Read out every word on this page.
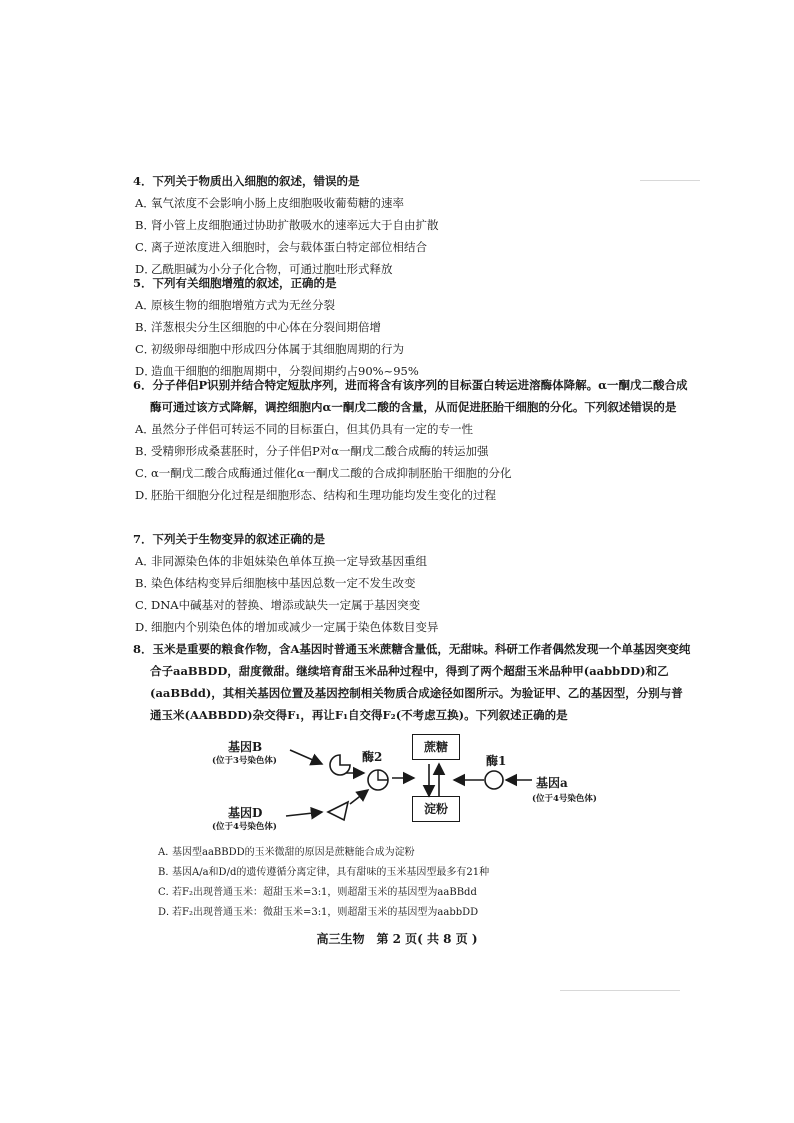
4．下列关于物质出入细胞的叙述，错误的是
A．氧气浓度不会影响小肠上皮细胞吸收葡萄糖的速率
B．肾小管上皮细胞通过协助扩散吸水的速率远大于自由扩散
C．离子逆浓度进入细胞时，会与载体蛋白特定部位相结合
D．乙酰胆碱为小分子化合物，可通过胞吐形式释放
5．下列有关细胞增殖的叙述，正确的是
A．原核生物的细胞增殖方式为无丝分裂
B．洋葱根尖分生区细胞的中心体在分裂间期倍增
C．初级卵母细胞中形成四分体属于其细胞周期的行为
D．造血干细胞的细胞周期中，分裂间期约占90%~95%
6．分子伴侣P识别并结合特定短肽序列，进而将含有该序列的目标蛋白转运进溶酶体降解。α一酮戊二酸合成酶可通过该方式降解，调控细胞内α一酮戊二酸的含量，从而促进胚胎干细胞的分化。下列叙述错误的是
A．虽然分子伴侣可转运不同的目标蛋白，但其仍具有一定的专一性
B．受精卵形成桑葚胚时，分子伴侣P对α一酮戊二酸合成酶的转运加强
C．α一酮戊二酸合成酶通过催化α一酮戊二酸的合成抑制胚胎干细胞的分化
D．胚胎干细胞分化过程是细胞形态、结构和生理功能均发生变化的过程
7．下列关于生物变异的叙述正确的是
A．非同源染色体的非姐妹染色单体互换一定导致基因重组
B．染色体结构变异后细胞核中基因总数一定不发生改变
C．DNA中碱基对的替换、增添或缺失一定属于基因突变
D．细胞内个别染色体的增加或减少一定属于染色体数目变异
8．玉米是重要的粮食作物，含A基因时普通玉米蔗糖含量低，无甜味。科研工作者偶然发现一个单基因突变纯合子aaBBDD，甜度微甜。继续培育甜玉米品种过程中，得到了两个超甜玉米品种甲(aabbDD)和乙(aaBBdd)，其相关基因位置及基因控制相关物质合成途径如图所示。为验证甲、乙的基因型，分别与普通玉米(AABBDD)杂交得F₁，再让F₁自交得F₂(不考虑互换)。下列叙述正确的是
基因B
(位于3号染色体)
基因D
(位于4号染色体)
酶2
蔗糖
淀粉
酶1
基因a
(位于4号染色体)
A．基因型aaBBDD的玉米微甜的原因是蔗糖能合成为淀粉
B．基因A/a和D/d的遗传遵循分离定律，具有甜味的玉米基因型最多有21种
C．若F₂出现普通玉米：超甜玉米=3:1，则超甜玉米的基因型为aaBBdd
D．若F₂出现普通玉米：微甜玉米=3:1，则超甜玉米的基因型为aabbDD
高三生物　第 2 页( 共 8 页 )
